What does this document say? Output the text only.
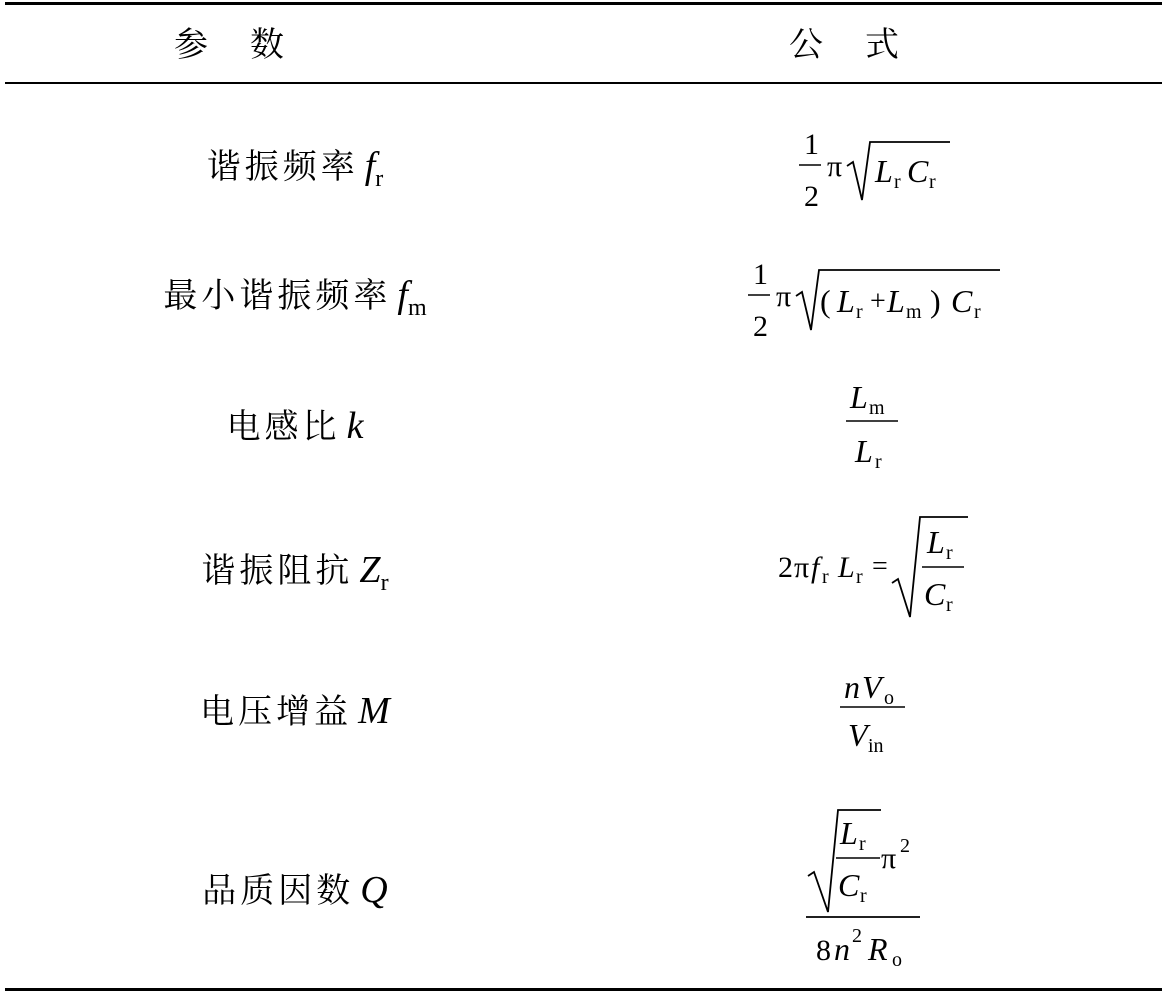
参数	公式
谐振频率 $f_r$
最小谐振频率 $f_m$
电感比 k
谐振阻抗 $Z_r$
电压增益 M
品质因数 Q
1
2
π L r C r
1
2
π ( L r + L m ) C r
L m
L r
2 π f r L r =
L r
C r
n V o
V in
L r
C r
π 2
8 n 2 R o
